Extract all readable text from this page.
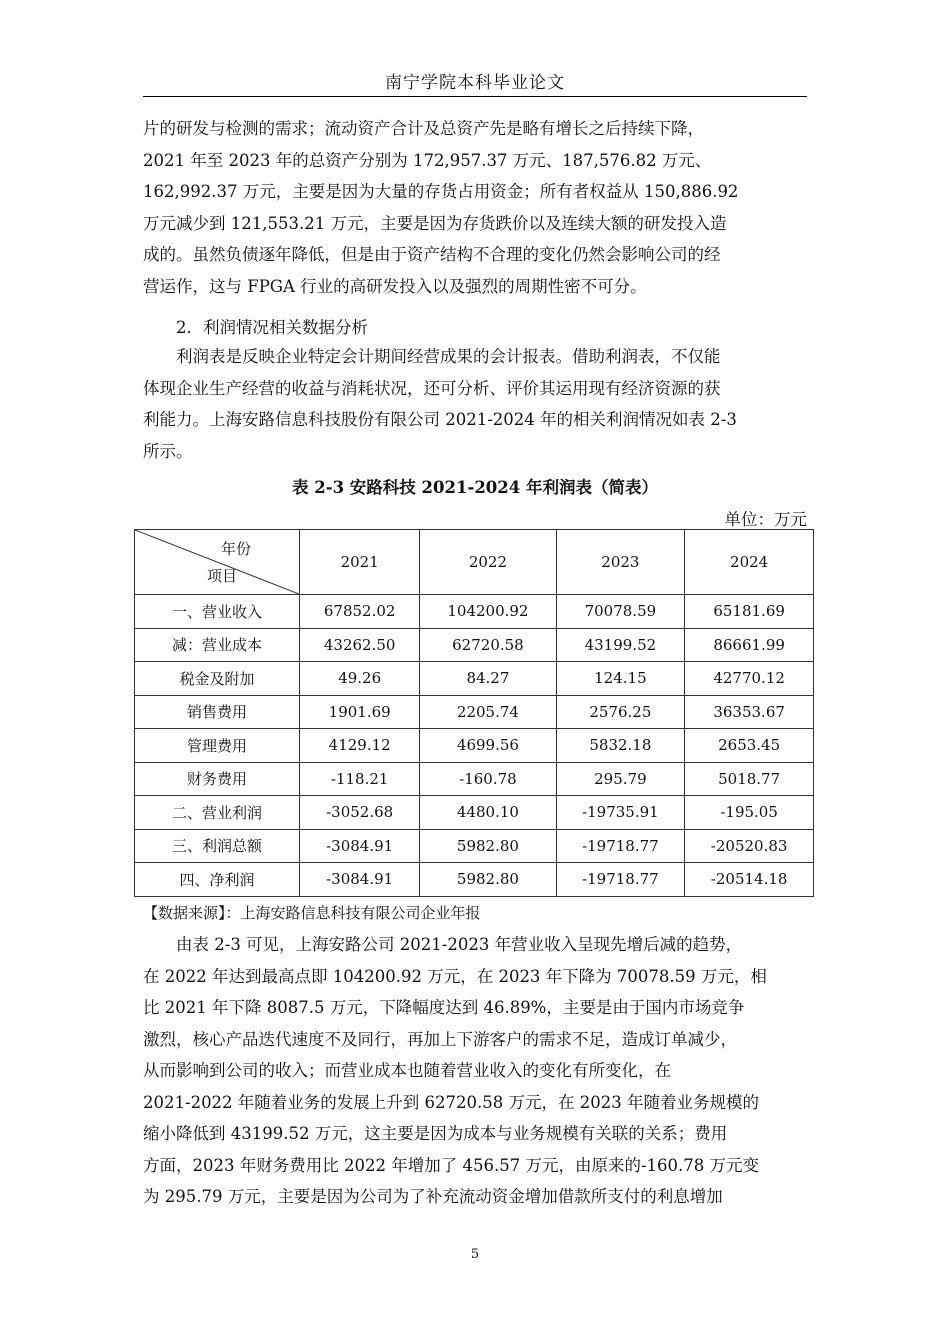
南宁学院本科毕业论文
片的研发与检测的需求；流动资产合计及总资产先是略有增长之后持续下降，
2021 年至 2023 年的总资产分别为 172,957.37 万元、187,576.82 万元、
162,992.37 万元，主要是因为大量的存货占用资金；所有者权益从 150,886.92
万元减少到 121,553.21 万元，主要是因为存货跌价以及连续大额的研发投入造
成的。虽然负债逐年降低，但是由于资产结构不合理的变化仍然会影响公司的经
营运作，这与 FPGA 行业的高研发投入以及强烈的周期性密不可分。
2．利润情况相关数据分析
利润表是反映企业特定会计期间经营成果的会计报表。借助利润表，不仅能
体现企业生产经营的收益与消耗状况，还可分析、评价其运用现有经济资源的获
利能力。上海安路信息科技股份有限公司 2021-2024 年的相关利润情况如表 2-3
所示。
表 2-3 安路科技 2021-2024 年利润表（简表）
单位：万元
年份
项目	2021	2022	2023	2024
一、营业收入	67852.02	104200.92	70078.59	65181.69
减：营业成本	43262.50	62720.58	43199.52	86661.99
税金及附加	49.26	84.27	124.15	42770.12
销售费用	1901.69	2205.74	2576.25	36353.67
管理费用	4129.12	4699.56	5832.18	2653.45
财务费用	-118.21	-160.78	295.79	5018.77
二、营业利润	-3052.68	4480.10	-19735.91	-195.05
三、利润总额	-3084.91	5982.80	-19718.77	-20520.83
四、净利润	-3084.91	5982.80	-19718.77	-20514.18
【数据来源】：上海安路信息科技有限公司企业年报
由表 2-3 可见，上海安路公司 2021-2023 年营业收入呈现先增后减的趋势，
在 2022 年达到最高点即 104200.92 万元，在 2023 年下降为 70078.59 万元，相
比 2021 年下降 8087.5 万元，下降幅度达到 46.89%，主要是由于国内市场竞争
激烈，核心产品迭代速度不及同行，再加上下游客户的需求不足，造成订单减少，
从而影响到公司的收入；而营业成本也随着营业收入的变化有所变化，在
2021-2022 年随着业务的发展上升到 62720.58 万元，在 2023 年随着业务规模的
缩小降低到 43199.52 万元，这主要是因为成本与业务规模有关联的关系；费用
方面，2023 年财务费用比 2022 年增加了 456.57 万元，由原来的-160.78 万元变
为 295.79 万元，主要是因为公司为了补充流动资金增加借款所支付的利息增加
5
